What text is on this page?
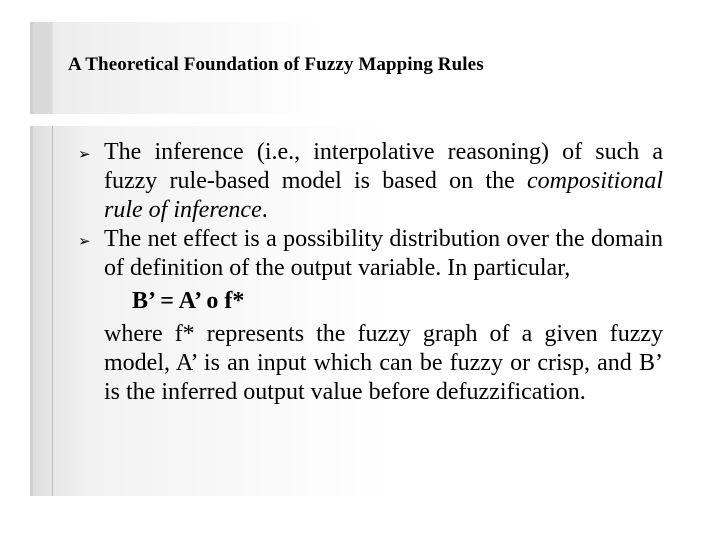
A Theoretical Foundation of Fuzzy Mapping Rules
➢ The inference (i.e., interpolative reasoning) of such a fuzzy rule-based model is based on the compositional rule of inference.

➢ The net effect is a possibility distribution over the domain of definition of the output variable. In particular,

B’ = A’ o f*
where f* represents the fuzzy graph of a given fuzzy model, A’ is an input which can be fuzzy or crisp, and B’ is the inferred output value before defuzzification.
